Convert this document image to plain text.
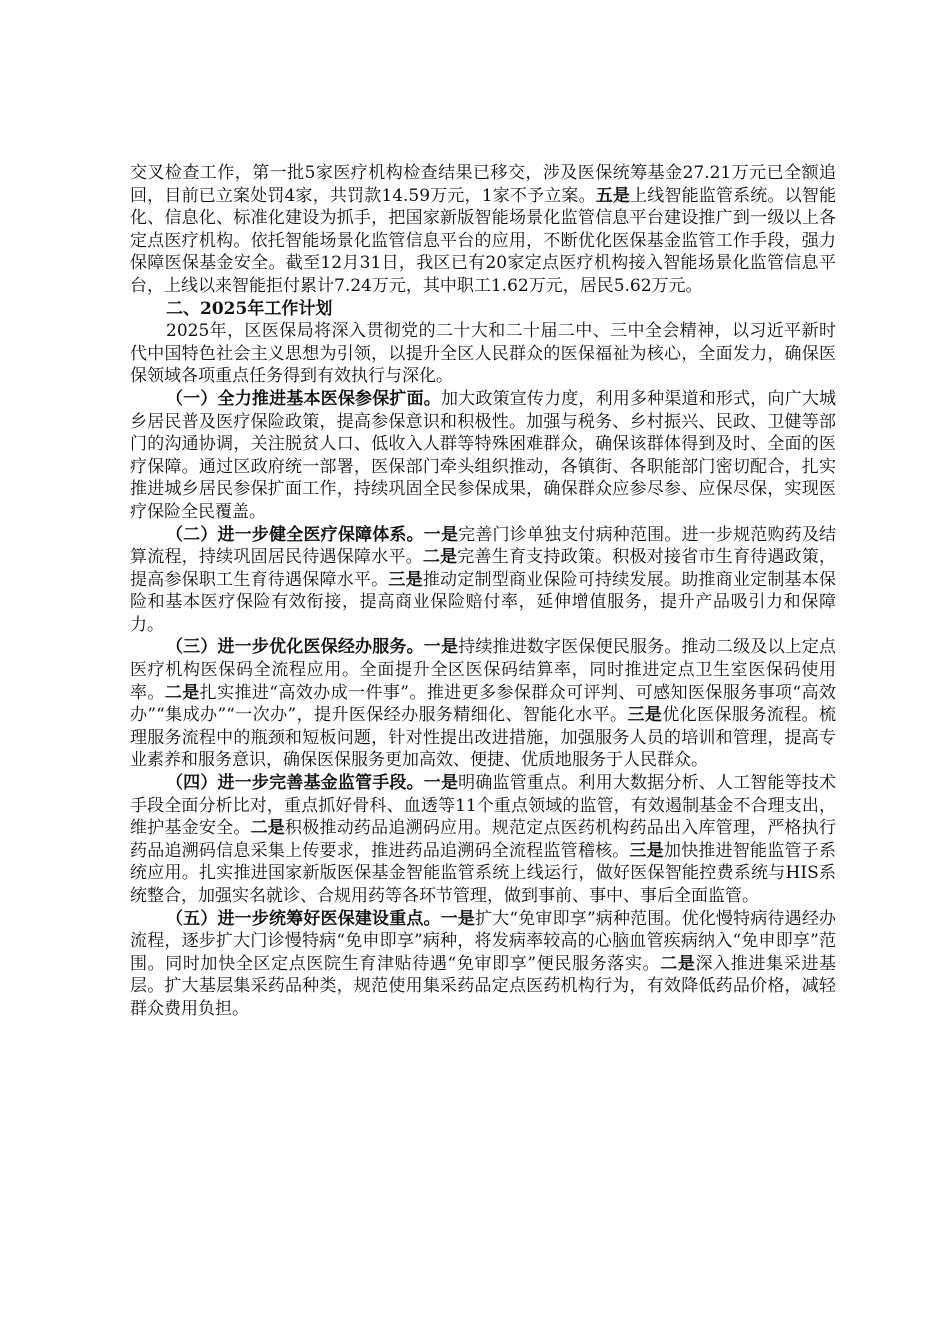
交叉检查工作，第一批5家医疗机构检查结果已移交，涉及医保统筹基金27.21万元已全额追回，目前已立案处罚4家，共罚款14.59万元，1家不予立案。五是上线智能监管系统。以智能化、信息化、标准化建设为抓手，把国家新版智能场景化监管信息平台建设推广到一级以上各定点医疗机构。依托智能场景化监管信息平台的应用，不断优化医保基金监管工作手段，强力保障医保基金安全。截至12月31日，我区已有20家定点医疗机构接入智能场景化监管信息平台，上线以来智能拒付累计7.24万元，其中职工1.62万元，居民5.62万元。

二、2025年工作计划

2025年，区医保局将深入贯彻党的二十大和二十届二中、三中全会精神，以习近平新时代中国特色社会主义思想为引领，以提升全区人民群众的医保福祉为核心，全面发力，确保医保领域各项重点任务得到有效执行与深化。

（一）全力推进基本医保参保扩面。加大政策宣传力度，利用多种渠道和形式，向广大城乡居民普及医疗保险政策，提高参保意识和积极性。加强与税务、乡村振兴、民政、卫健等部门的沟通协调，关注脱贫人口、低收入人群等特殊困难群众，确保该群体得到及时、全面的医疗保障。通过区政府统一部署，医保部门牵头组织推动，各镇街、各职能部门密切配合，扎实推进城乡居民参保扩面工作，持续巩固全民参保成果，确保群众应参尽参、应保尽保，实现医疗保险全民覆盖。

（二）进一步健全医疗保障体系。一是完善门诊单独支付病种范围。进一步规范购药及结算流程，持续巩固居民待遇保障水平。二是完善生育支持政策。积极对接省市生育待遇政策，提高参保职工生育待遇保障水平。三是推动定制型商业保险可持续发展。助推商业定制基本保险和基本医疗保险有效衔接，提高商业保险赔付率，延伸增值服务，提升产品吸引力和保障力。

（三）进一步优化医保经办服务。一是持续推进数字医保便民服务。推动二级及以上定点医疗机构医保码全流程应用。全面提升全区医保码结算率，同时推进定点卫生室医保码使用率。二是扎实推进“高效办成一件事”。推进更多参保群众可评判、可感知医保服务事项“高效办”“集成办”“一次办”，提升医保经办服务精细化、智能化水平。三是优化医保服务流程。梳理服务流程中的瓶颈和短板问题，针对性提出改进措施，加强服务人员的培训和管理，提高专业素养和服务意识，确保医保服务更加高效、便捷、优质地服务于人民群众。

（四）进一步完善基金监管手段。一是明确监管重点。利用大数据分析、人工智能等技术手段全面分析比对，重点抓好骨科、血透等11个重点领域的监管，有效遏制基金不合理支出，维护基金安全。二是积极推动药品追溯码应用。规范定点医药机构药品出入库管理，严格执行药品追溯码信息采集上传要求，推进药品追溯码全流程监管稽核。三是加快推进智能监管子系统应用。扎实推进国家新版医保基金智能监管系统上线运行，做好医保智能控费系统与HIS系统整合，加强实名就诊、合规用药等各环节管理，做到事前、事中、事后全面监管。

（五）进一步统筹好医保建设重点。一是扩大“免审即享”病种范围。优化慢特病待遇经办流程，逐步扩大门诊慢特病“免申即享”病种，将发病率较高的心脑血管疾病纳入“免申即享”范围。同时加快全区定点医院生育津贴待遇“免审即享”便民服务落实。二是深入推进集采进基层。扩大基层集采药品种类，规范使用集采药品定点医药机构行为，有效降低药品价格，减轻群众费用负担。
